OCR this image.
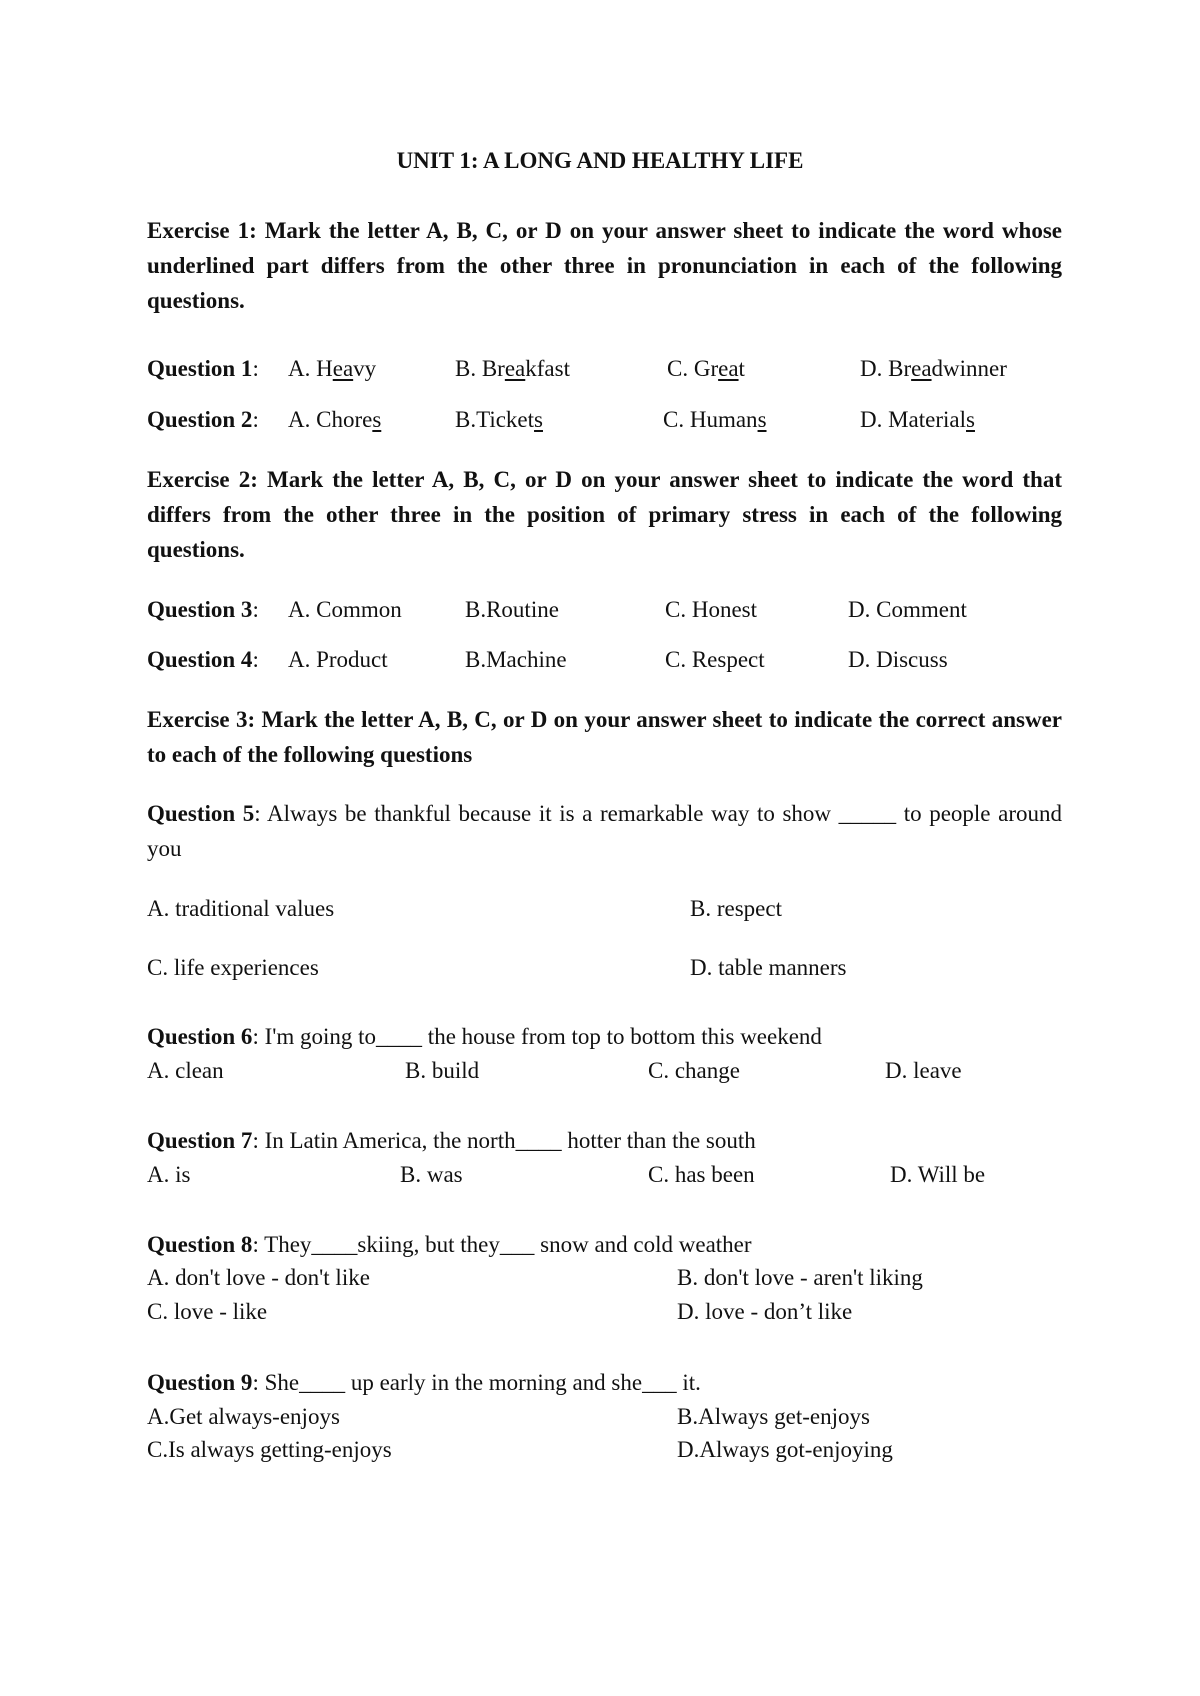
UNIT 1: A LONG AND HEALTHY LIFE
Exercise 1: Mark the letter A, B, C, or D on your answer sheet to indicate the word whose underlined part differs from the other three in pronunciation in each of the following questions.
Question 1: A. Heavy	B. Breakfast	C. Great	D. Breadwinner
Question 2: A. Chores	B.Tickets	C. Humans	D. Materials
Exercise 2: Mark the letter A, B, C, or D on your answer sheet to indicate the word that differs from the other three in the position of primary stress in each of the following questions.
Question 3: A. Common	B.Routine	C. Honest	D. Comment
Question 4: A. Product	B.Machine	C. Respect	D. Discuss
Exercise 3: Mark the letter A, B, C, or D on your answer sheet to indicate the correct answer to each of the following questions
Question 5: Always be thankful because it is a remarkable way to show _____ to people around you
A. traditional values	B. respect
C. life experiences	D. table manners
Question 6: I'm going to____ the house from top to bottom this weekend
A. clean	B. build	C. change	D. leave
Question 7: In Latin America, the north____ hotter than the south
A. is	B. was	C. has been	D. Will be
Question 8: They____skiing, but they___ snow and cold weather
A. don't love - don't like	B. don't love - aren't liking
C. love - like	D. love - don’t like
Question 9: She____ up early in the morning and she___ it.
A.Get always-enjoys	B.Always get-enjoys
C.Is always getting-enjoys	D.Always got-enjoying
